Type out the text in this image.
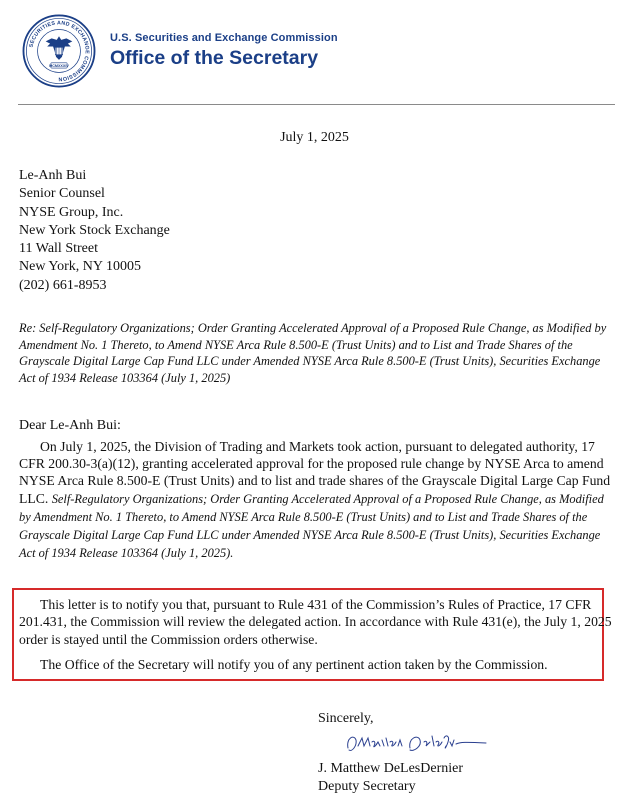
SECURITIES AND EXCHANGE COMMISSION
MCMXXXIV
U.S. Securities and Exchange Commission
Office of the Secretary
July 1, 2025
Le-Anh Bui
Senior Counsel
NYSE Group, Inc.
New York Stock Exchange
11 Wall Street
New York, NY 10005
(202) 661-8953
Re: Self-Regulatory Organizations; Order Granting Accelerated Approval of a Proposed Rule Change, as Modified by Amendment No. 1 Thereto, to Amend NYSE Arca Rule 8.500-E (Trust Units) and to List and Trade Shares of the Grayscale Digital Large Cap Fund LLC under Amended NYSE Arca Rule 8.500-E (Trust Units), Securities Exchange Act of 1934 Release 103364 (July 1, 2025)
Dear Le-Anh Bui:

On July 1, 2025, the Division of Trading and Markets took action, pursuant to delegated authority, 17 CFR 200.30-3(a)(12), granting accelerated approval for the proposed rule change by NYSE Arca to amend NYSE Arca Rule 8.500-E (Trust Units) and to list and trade shares of the Grayscale Digital Large Cap Fund LLC. Self-Regulatory Organizations; Order Granting Accelerated Approval of a Proposed Rule Change, as Modified by Amendment No. 1 Thereto, to Amend NYSE Arca Rule 8.500-E (Trust Units) and to List and Trade Shares of the Grayscale Digital Large Cap Fund LLC under Amended NYSE Arca Rule 8.500-E (Trust Units), Securities Exchange Act of 1934 Release 103364 (July 1, 2025).

This letter is to notify you that, pursuant to Rule 431 of the Commission’s Rules of Practice, 17 CFR 201.431, the Commission will review the delegated action. In accordance with Rule 431(e), the July 1, 2025 order is stayed until the Commission orders otherwise.

The Office of the Secretary will notify you of any pertinent action taken by the Commission.

Sincerely,
J. Matthew DeLesDernier
Deputy Secretary
